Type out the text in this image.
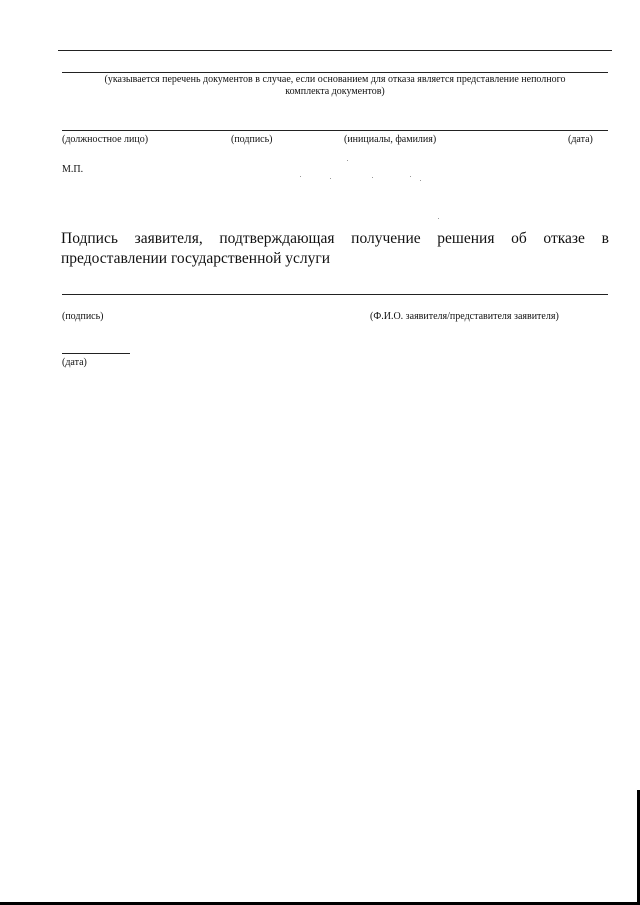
(указывается перечень документов в случае, если основанием для отказа является представление неполного
комплекта документов)
(должностное лицо)	(подпись)	(инициалы, фамилия)	(дата)
М.П.
Подпись заявителя, подтверждающая получение решения об отказе в
предоставлении государственной услуги
(подпись)	(Ф.И.О. заявителя/представителя заявителя)
(дата)
